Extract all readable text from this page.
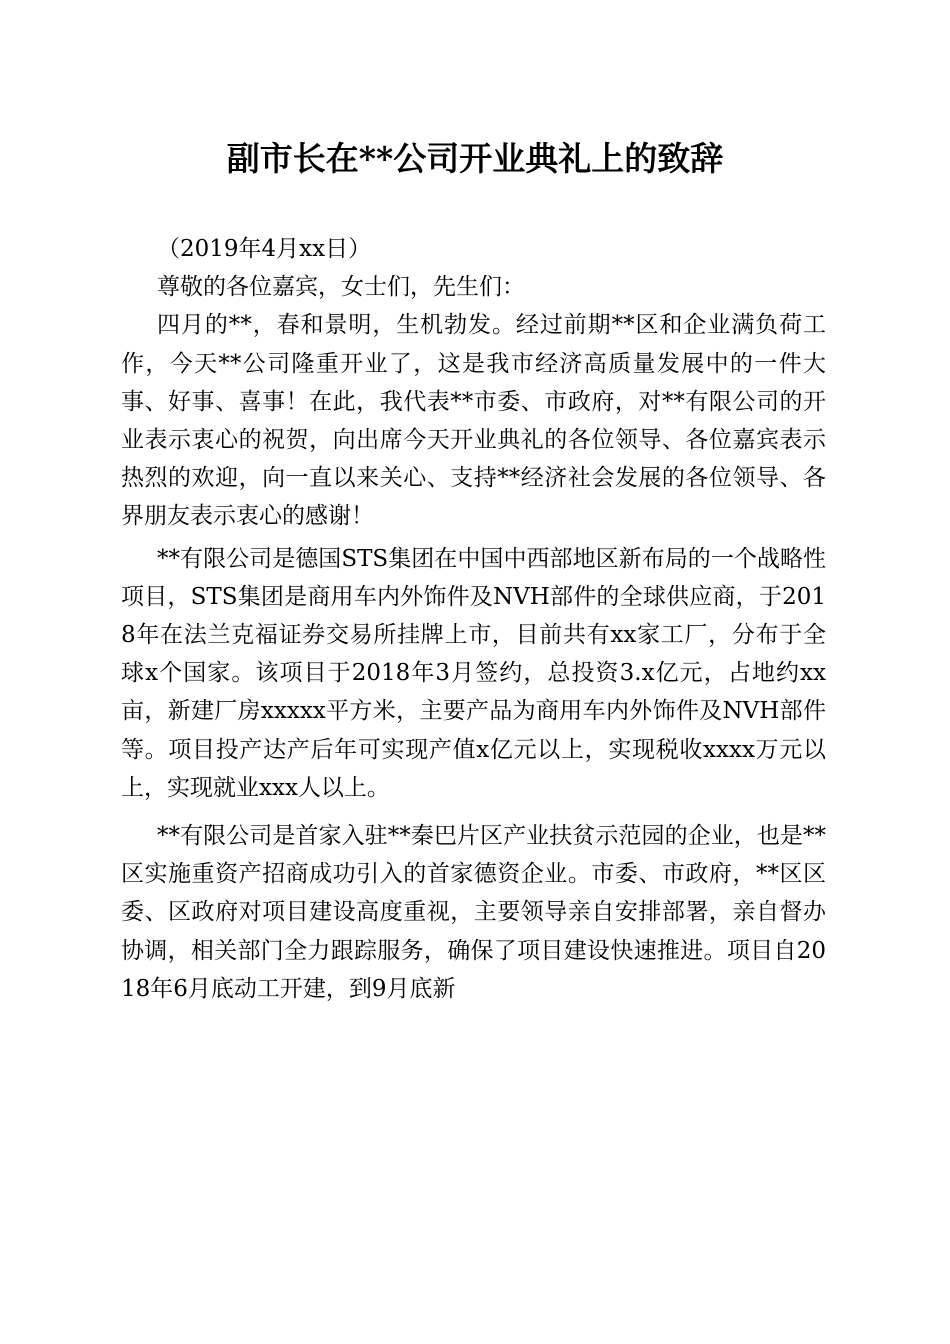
副市长在**公司开业典礼上的致辞

（2019年4月xx日）

尊敬的各位嘉宾，女士们，先生们：

四月的**，春和景明，生机勃发。经过前期**区和企业满负荷工作，今天**公司隆重开业了，这是我市经济高质量发展中的一件大事、好事、喜事！在此，我代表**市委、市政府，对**有限公司的开业表示衷心的祝贺，向出席今天开业典礼的各位领导、各位嘉宾表示热烈的欢迎，向一直以来关心、支持**经济社会发展的各位领导、各界朋友表示衷心的感谢！

**有限公司是德国STS集团在中国中西部地区新布局的一个战略性项目，STS集团是商用车内外饰件及NVH部件的全球供应商，于2018年在法兰克福证券交易所挂牌上市，目前共有xx家工厂，分布于全球x个国家。该项目于2018年3月签约，总投资3.x亿元，占地约xx亩，新建厂房xxxxx平方米，主要产品为商用车内外饰件及NVH部件等。项目投产达产后年可实现产值x亿元以上，实现税收xxxx万元以上，实现就业xxx人以上。

**有限公司是首家入驻**秦巴片区产业扶贫示范园的企业，也是**区实施重资产招商成功引入的首家德资企业。市委、市政府，**区区委、区政府对项目建设高度重视，主要领导亲自安排部署，亲自督办协调，相关部门全力跟踪服务，确保了项目建设快速推进。项目自2018年6月底动工开建，到9月底新
